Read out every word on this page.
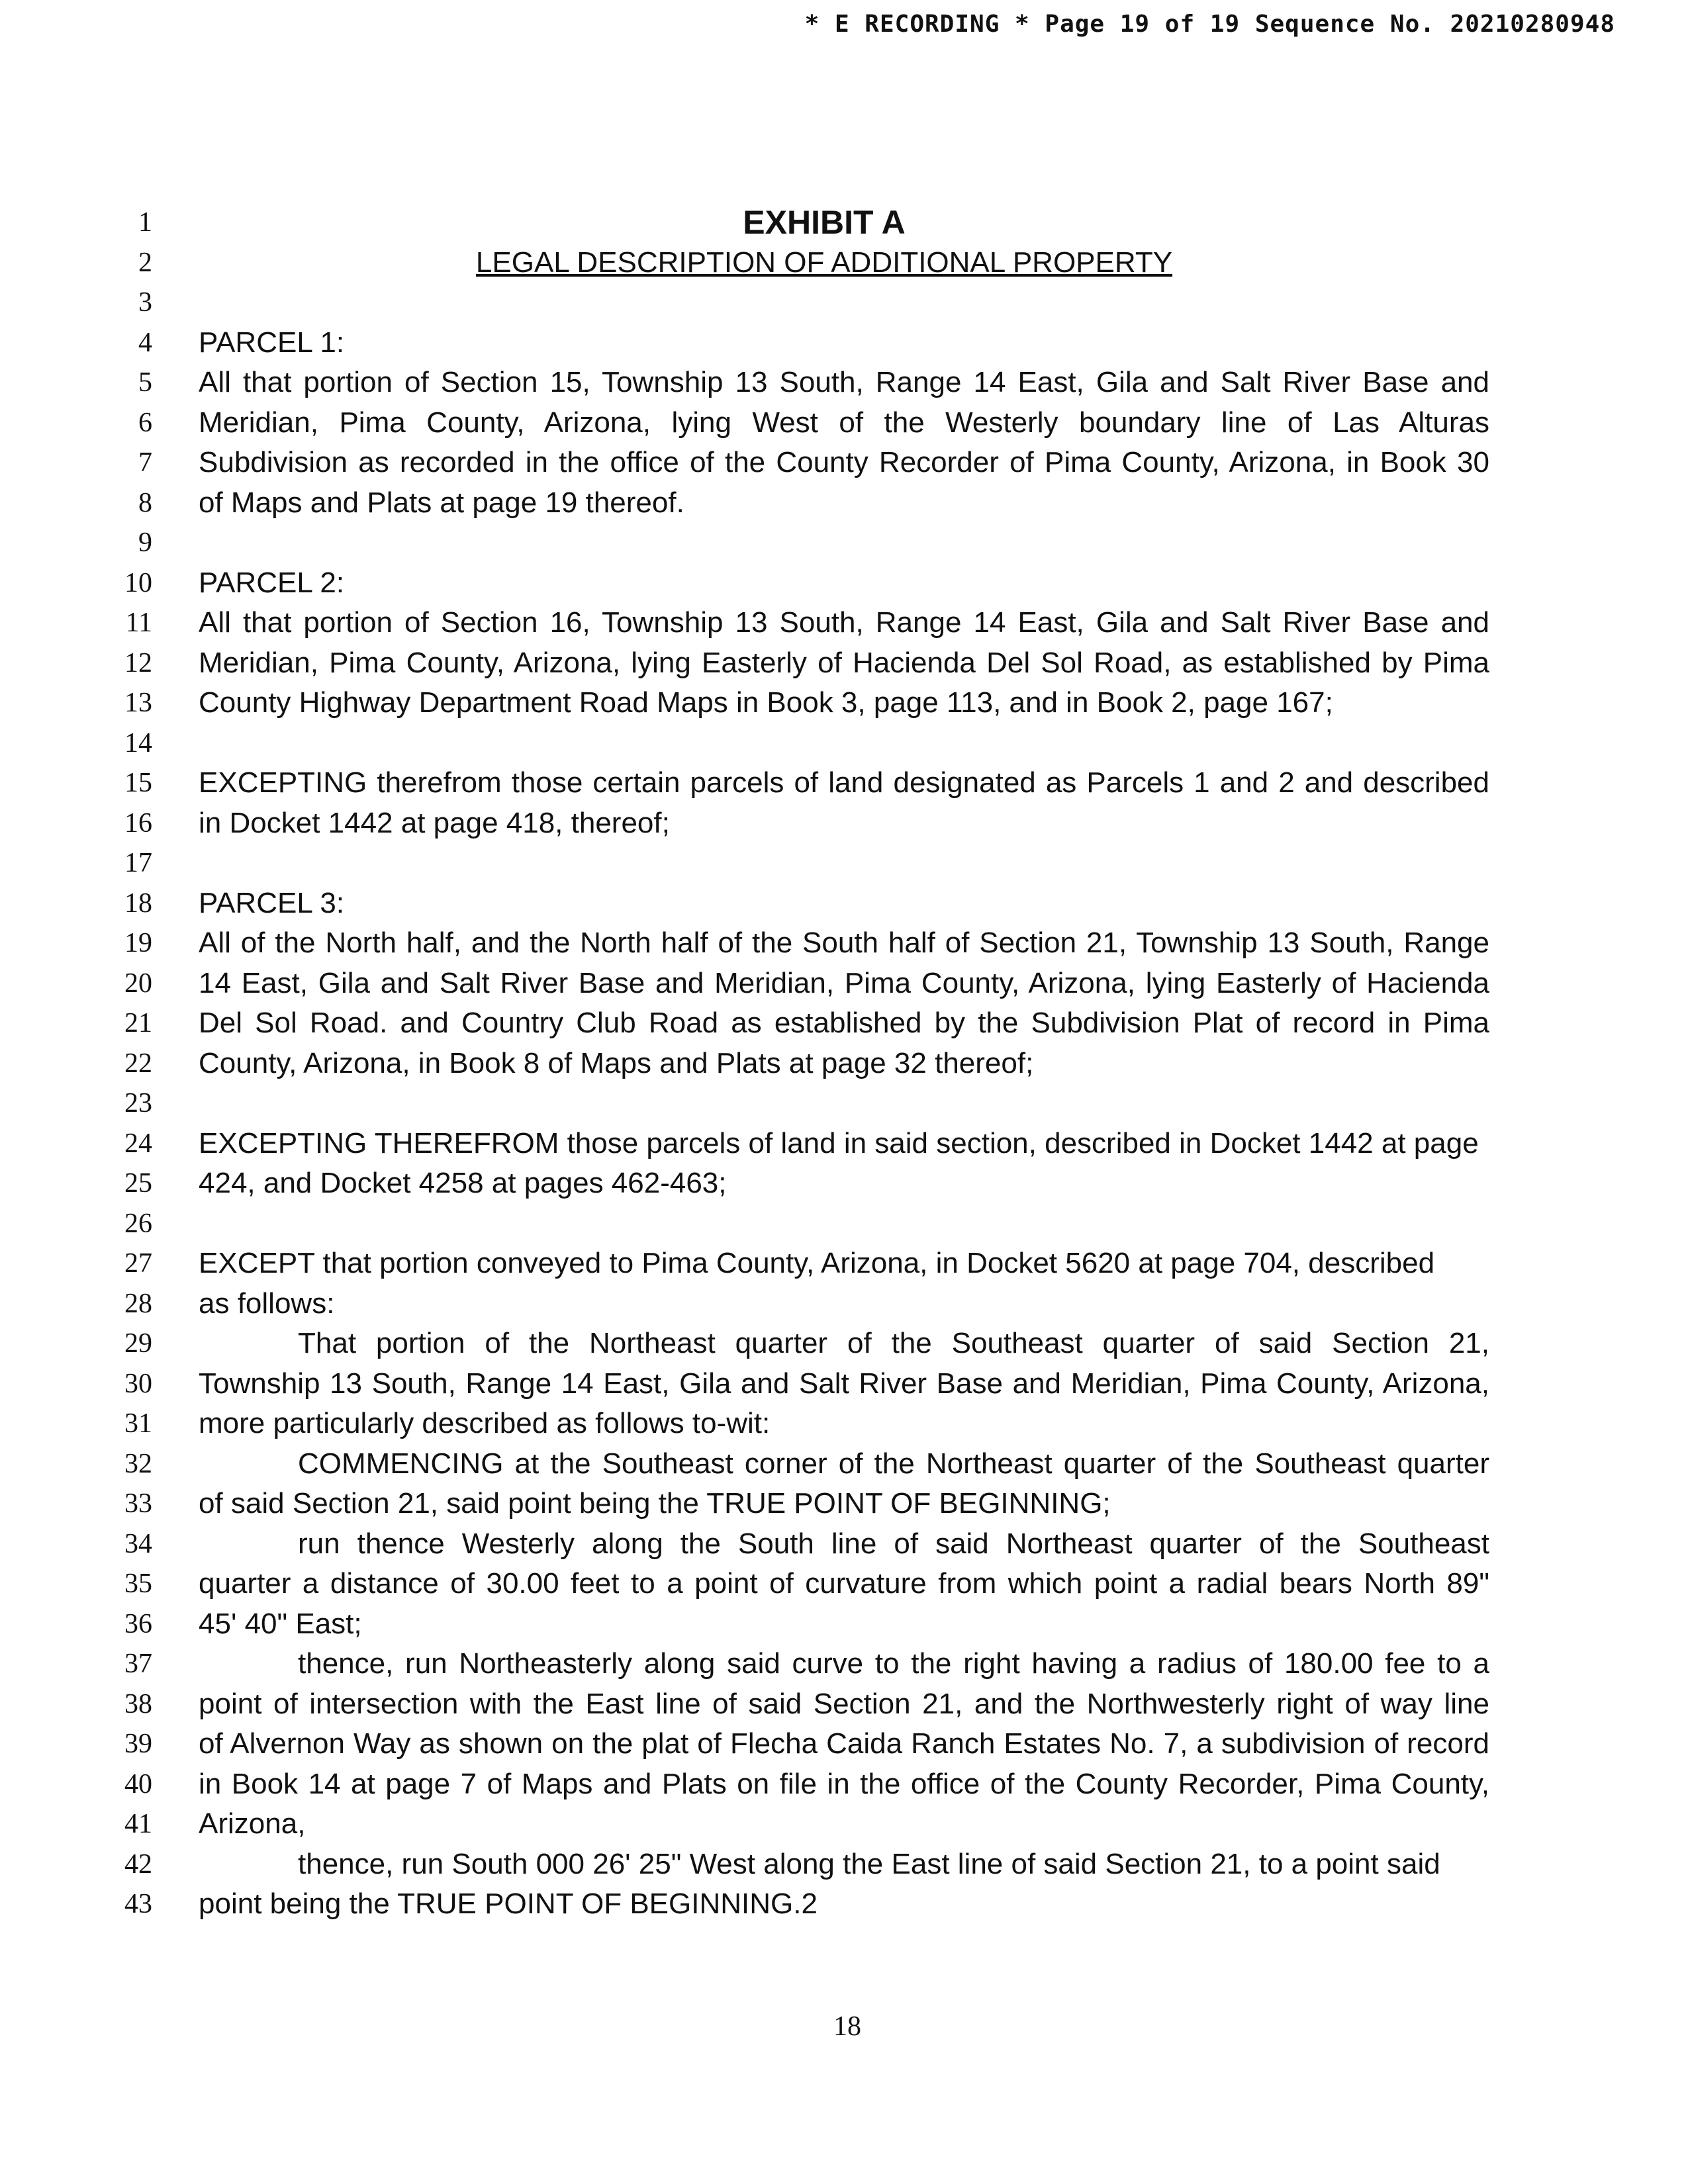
* E RECORDING * Page 19 of 19 Sequence No. 20210280948
1
2
3
4
5
6
7
8
9
10
11
12
13
14
15
16
17
18
19
20
21
22
23
24
25
26
27
28
29
30
31
32
33
34
35
36
37
38
39
40
41
42
43
EXHIBIT A
LEGAL DESCRIPTION OF ADDITIONAL PROPERTY
PARCEL 1:
All that portion of Section 15, Township 13 South, Range 14 East, Gila and Salt River Base and
Meridian, Pima County, Arizona, lying West of the Westerly boundary line of Las Alturas
Subdivision as recorded in the office of the County Recorder of Pima County, Arizona, in Book 30
of Maps and Plats at page 19 thereof.
PARCEL 2:
All that portion of Section 16, Township 13 South, Range 14 East, Gila and Salt River Base and
Meridian, Pima County, Arizona, lying Easterly of Hacienda Del Sol Road, as established by Pima
County Highway Department Road Maps in Book 3, page 113, and in Book 2, page 167;
EXCEPTING therefrom those certain parcels of land designated as Parcels 1 and 2 and described
in Docket 1442 at page 418, thereof;
PARCEL 3:
All of the North half, and the North half of the South half of Section 21, Township 13 South, Range
14 East, Gila and Salt River Base and Meridian, Pima County, Arizona, lying Easterly of Hacienda
Del Sol Road. and Country Club Road as established by the Subdivision Plat of record in Pima
County, Arizona, in Book 8 of Maps and Plats at page 32 thereof;
EXCEPTING THEREFROM those parcels of land in said section, described in Docket 1442 at page
424, and Docket 4258 at pages 462-463;
EXCEPT that portion conveyed to Pima County, Arizona, in Docket 5620 at page 704, described
as follows:
That portion of the Northeast quarter of the Southeast quarter of said Section 21,
Township 13 South, Range 14 East, Gila and Salt River Base and Meridian, Pima County, Arizona,
more particularly described as follows to-wit:
COMMENCING at the Southeast corner of the Northeast quarter of the Southeast quarter
of said Section 21, said point being the TRUE POINT OF BEGINNING;
run thence Westerly along the South line of said Northeast quarter of the Southeast
quarter a distance of 30.00 feet to a point of curvature from which point a radial bears North 89"
45' 40" East;
thence, run Northeasterly along said curve to the right having a radius of 180.00 fee to a
point of intersection with the East line of said Section 21, and the Northwesterly right of way line
of Alvernon Way as shown on the plat of Flecha Caida Ranch Estates No. 7, a subdivision of record
in Book 14 at page 7 of Maps and Plats on file in the office of the County Recorder, Pima County,
Arizona,
thence, run South 000 26' 25" West along the East line of said Section 21, to a point said
point being the TRUE POINT OF BEGINNING.2
18
